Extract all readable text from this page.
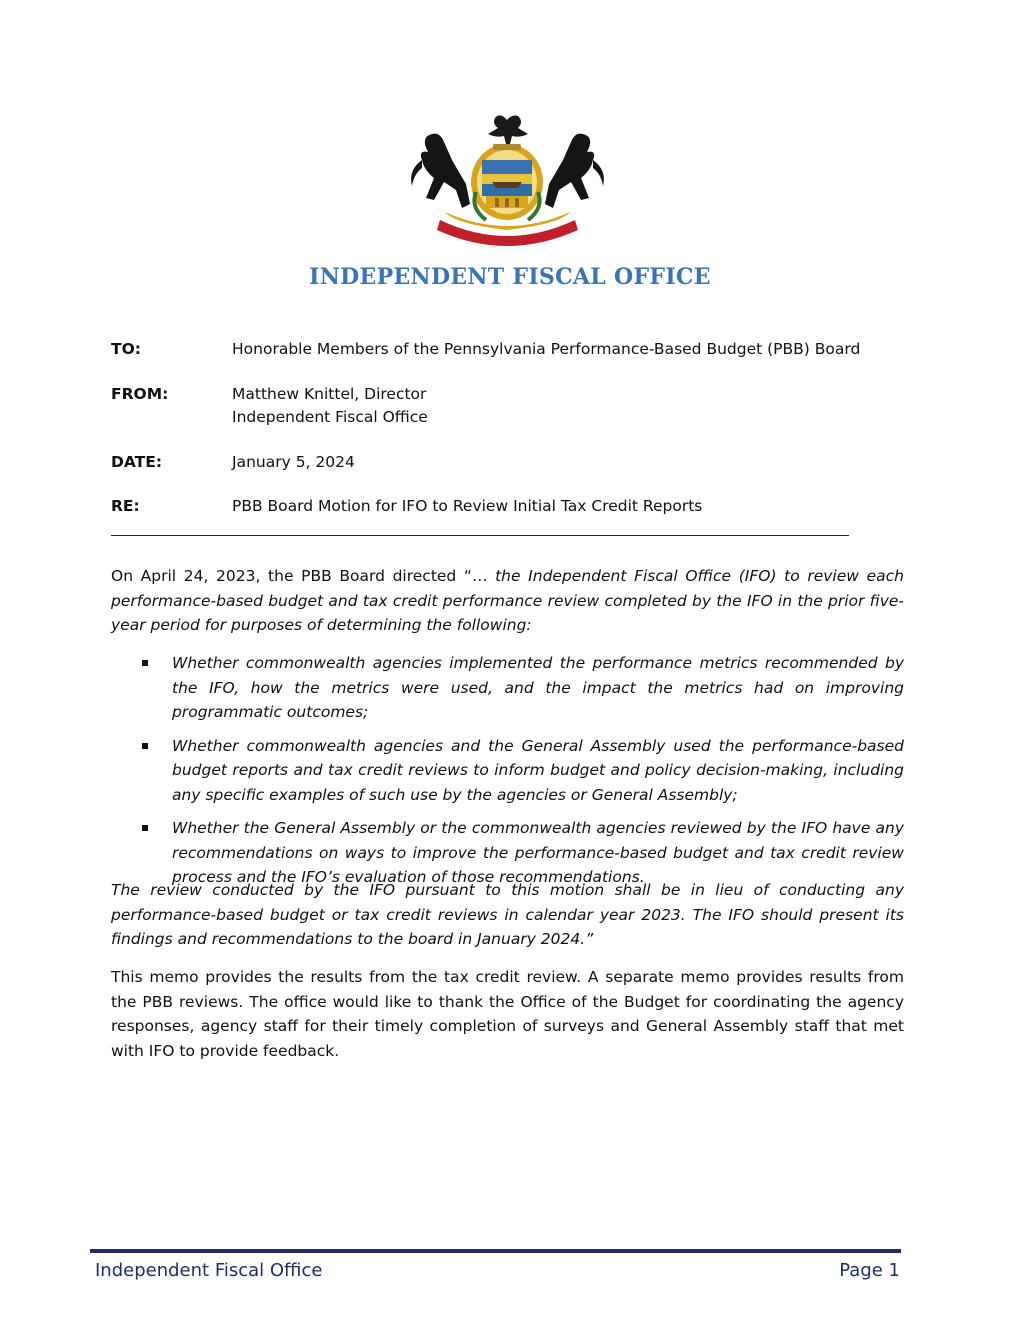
INDEPENDENT FISCAL OFFICE
TO:	Honorable Members of the Pennsylvania Performance-Based Budget (PBB) Board
FROM:	Matthew Knittel, Director
Independent Fiscal Office
DATE:	January 5, 2024
RE:	PBB Board Motion for IFO to Review Initial Tax Credit Reports
On April 24, 2023, the PBB Board directed “… the Independent Fiscal Office (IFO) to review each performance-based budget and tax credit performance review completed by the IFO in the prior five-year period for purposes of determining the following:
Whether commonwealth agencies implemented the performance metrics recommended by the IFO, how the metrics were used, and the impact the metrics had on improving programmatic outcomes;
Whether commonwealth agencies and the General Assembly used the performance-based budget reports and tax credit reviews to inform budget and policy decision-making, including any specific examples of such use by the agencies or General Assembly;
Whether the General Assembly or the commonwealth agencies reviewed by the IFO have any recommendations on ways to improve the performance-based budget and tax credit review process and the IFO’s evaluation of those recommendations.
The review conducted by the IFO pursuant to this motion shall be in lieu of conducting any performance-based budget or tax credit reviews in calendar year 2023. The IFO should present its findings and recommendations to the board in January 2024.”
This memo provides the results from the tax credit review. A separate memo provides results from the PBB reviews. The office would like to thank the Office of the Budget for coordinating the agency responses, agency staff for their timely completion of surveys and General Assembly staff that met with IFO to provide feedback.
Independent Fiscal Office	Page 1
